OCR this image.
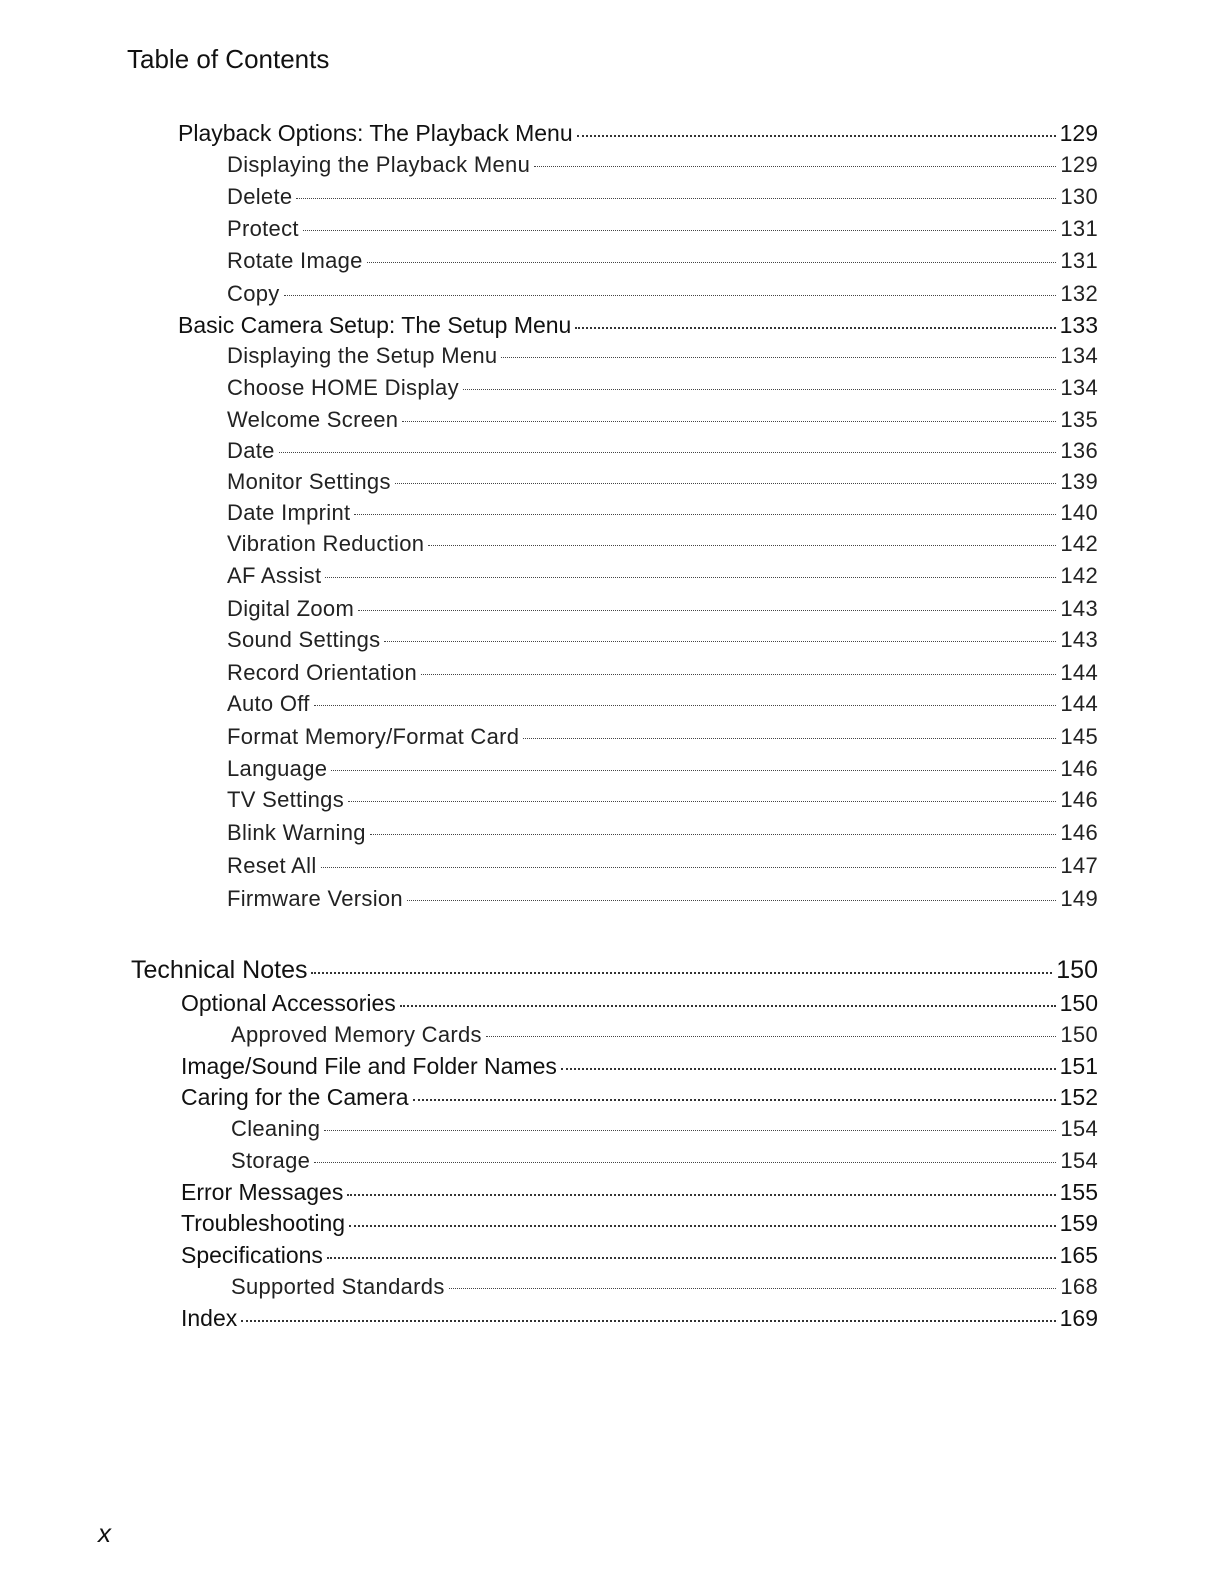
Table of Contents
Playback Options: The Playback Menu	129
Displaying the Playback Menu	129
Delete	130
Protect	131
Rotate Image	131
Copy	132
Basic Camera Setup: The Setup Menu	133
Displaying the Setup Menu	134
Choose HOME Display	134
Welcome Screen	135
Date	136
Monitor Settings	139
Date Imprint	140
Vibration Reduction	142
AF Assist	142
Digital Zoom	143
Sound Settings	143
Record Orientation	144
Auto Off	144
Format Memory/Format Card	145
Language	146
TV Settings	146
Blink Warning	146
Reset All	147
Firmware Version	149
Technical Notes	150
Optional Accessories	150
Approved Memory Cards	150
Image/Sound File and Folder Names	151
Caring for the Camera	152
Cleaning	154
Storage	154
Error Messages	155
Troubleshooting	159
Specifications	165
Supported Standards	168
Index	169
x
